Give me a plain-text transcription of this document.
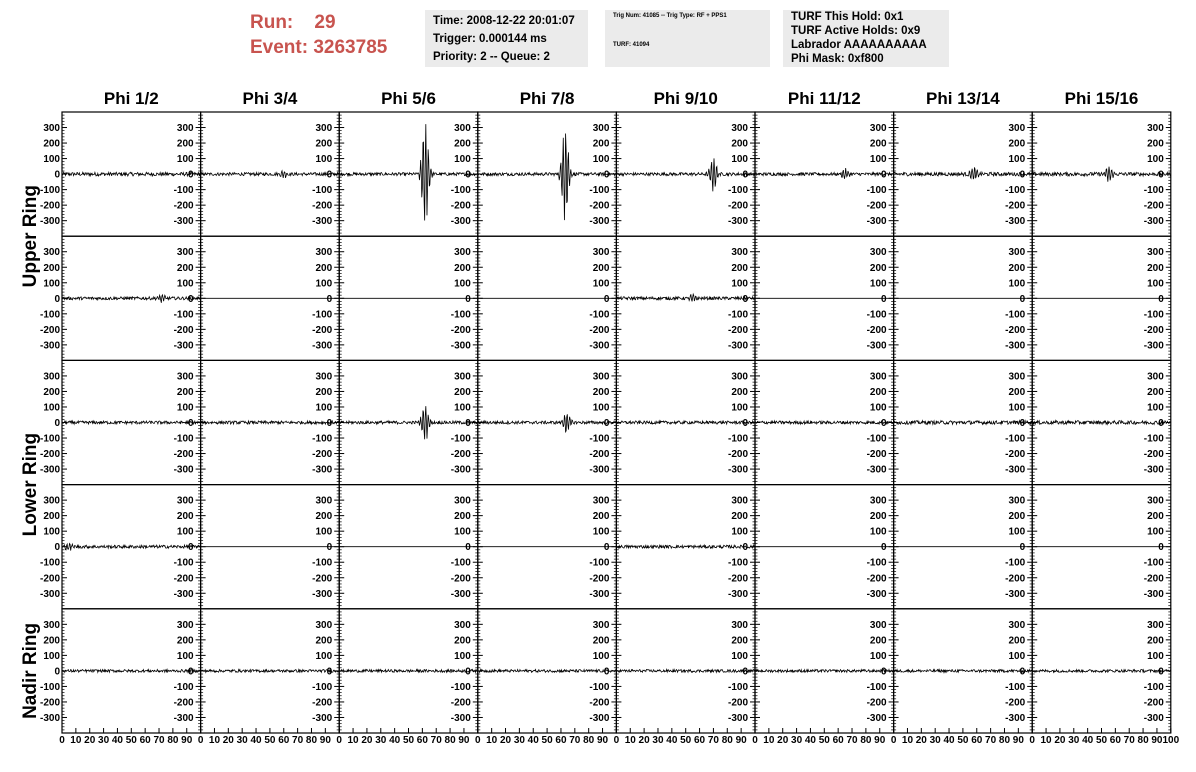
Run: 29
Event: 3263785
Time: 2008-12-22 20:01:07
Trigger: 0.000144 ms
Priority: 2 -- Queue: 2
Trig Num: 41085 -- Trig Type: RF + PPS1
TURF: 41094
TURF This Hold: 0x1
TURF Active Holds: 0x9
Labrador AAAAAAAAAA
Phi Mask: 0xf800
Phi 1/2	Phi 3/4	Phi 5/6	Phi 7/8	Phi 9/10	Phi 11/12	Phi 13/14	Phi 15/16
Upper Ring
Lower Ring
Nadir Ring
300
300
200
200
100
100
0
0
-100
-100
-200
-200
-300
-300
300
200
100
0
-100
-200
-300
300
200
100
0
-100
-200
-300
300
200
100
0
-100
-200
-300
300
200
100
0
-100
-200
-300
300
200
100
0
-100
-200
-300
300
200
100
0
-100
-200
-300
300
200
100
0
-100
-200
-300
300
300
200
200
100
100
0
0
-100
-100
-200
-200
-300
-300
300
200
100
0
-100
-200
-300
300
200
100
0
-100
-200
-300
300
200
100
0
-100
-200
-300
300
200
100
0
-100
-200
-300
300
200
100
0
-100
-200
-300
300
200
100
0
-100
-200
-300
300
200
100
0
-100
-200
-300
300
300
200
200
100
100
0
0
-100
-100
-200
-200
-300
-300
300
200
100
0
-100
-200
-300
300
200
100
0
-100
-200
-300
300
200
100
0
-100
-200
-300
300
200
100
0
-100
-200
-300
300
200
100
0
-100
-200
-300
300
200
100
0
-100
-200
-300
300
200
100
0
-100
-200
-300
300
300
200
200
100
100
0
0
-100
-100
-200
-200
-300
-300
300
200
100
0
-100
-200
-300
300
200
100
0
-100
-200
-300
300
200
100
0
-100
-200
-300
300
200
100
0
-100
-200
-300
300
200
100
0
-100
-200
-300
300
200
100
0
-100
-200
-300
300
200
100
0
-100
-200
-300
300
300
200
200
100
100
0
0
-100
-100
-200
-200
-300
-300
300
200
100
0
-100
-200
-300
300
200
100
0
-100
-200
-300
300
200
100
0
-100
-200
-300
300
200
100
0
-100
-200
-300
300
200
100
0
-100
-200
-300
300
200
100
0
-100
-200
-300
300
200
100
0
-100
-200
-300
0 10 20 30 40 50 60 70 80 90 0 10 20 30 40 50 60 70 80 90 0 10 20 30 40 50 60 70 80 90 0 10 20 30 40 50 60 70 80 90 0 10 20 30 40 50 60 70 80 90 0 10 20 30 40 50 60 70 80 90 0 10 20 30 40 50 60 70 80 90 0 10 20 30 40 50 60 70 80 90 100
